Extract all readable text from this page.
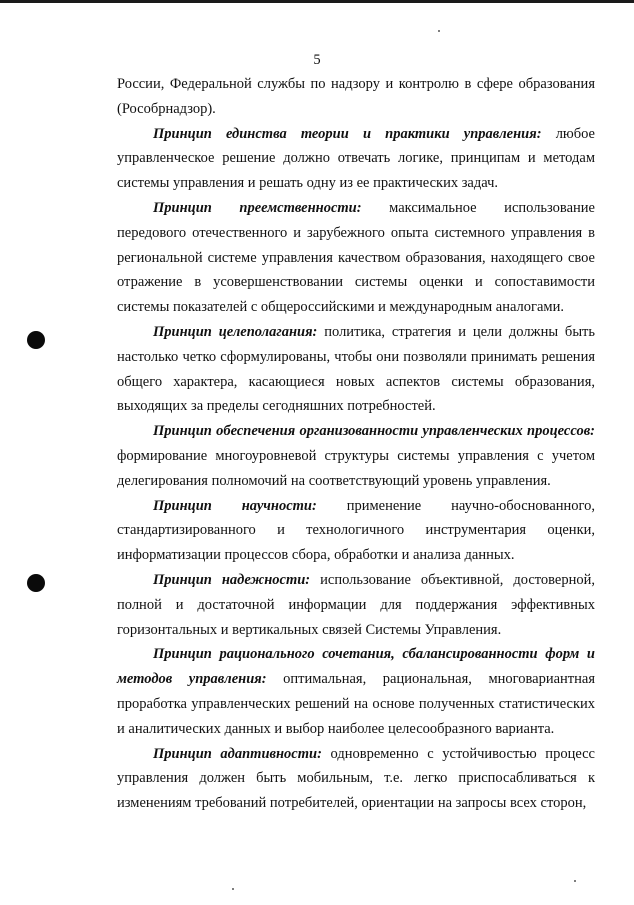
5

России, Федеральной службы по надзору и контролю в сфере образования (Рособрнадзор).

Принцип единства теории и практики управления: любое управленческое решение должно отвечать логике, принципам и методам системы управления и решать одну из ее практических задач.

Принцип преемственности: максимальное использование передового отечественного и зарубежного опыта системного управления в региональной системе управления качеством образования, находящего свое отражение в усовершенствовании системы оценки и сопоставимости системы показателей с общероссийскими и международным аналогами.

Принцип целеполагания: политика, стратегия и цели должны быть настолько четко сформулированы, чтобы они позволяли принимать решения общего характера, касающиеся новых аспектов системы образования, выходящих за пределы сегодняшних потребностей.

Принцип обеспечения организованности управленческих процессов: формирование многоуровневой структуры системы управления с учетом делегирования полномочий на соответствующий уровень управления.

Принцип научности: применение научно-обоснованного, стандартизированного и технологичного инструментария оценки, информатизации процессов сбора, обработки и анализа данных.

Принцип надежности: использование объективной, достоверной, полной и достаточной информации для поддержания эффективных горизонтальных и вертикальных связей Системы Управления.

Принцип рационального сочетания, сбалансированности форм и методов управления: оптимальная, рациональная, многовариантная проработка управленческих решений на основе полученных статистических и аналитических данных и выбор наиболее целесообразного варианта.

Принцип адаптивности: одновременно с устойчивостью процесс управления должен быть мобильным, т.е. легко приспосабливаться к изменениям требований потребителей, ориентации на запросы всех сторон,
